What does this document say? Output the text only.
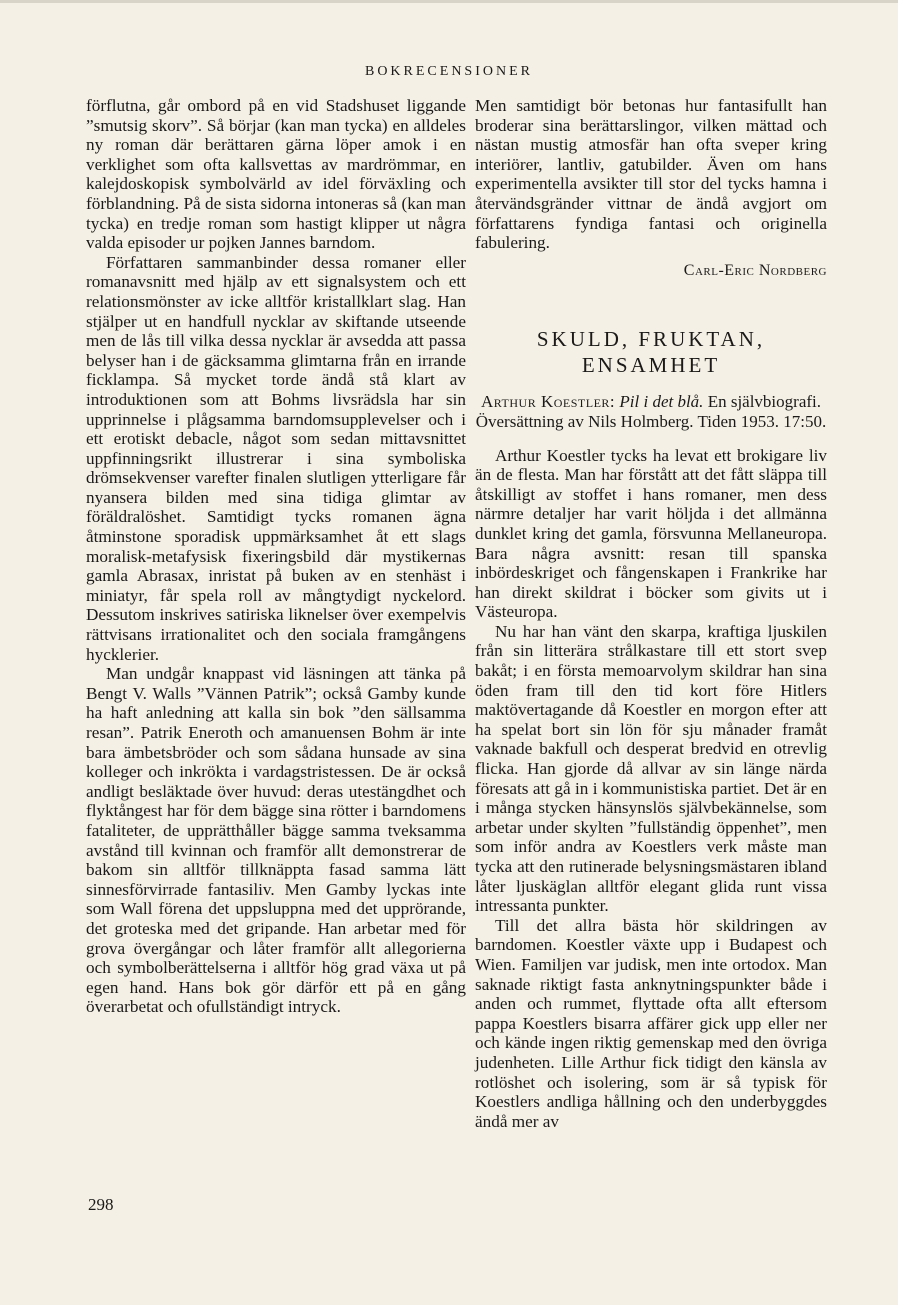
BOKRECENSIONER

förflutna, går ombord på en vid Stadshuset liggande ”smutsig skorv”. Så börjar (kan man tycka) en alldeles ny roman där berättaren gärna löper amok i en verklighet som ofta kallsvettas av mardrömmar, en kalejdoskopisk symbolvärld av idel förväxling och förblandning. På de sista sidorna intoneras så (kan man tycka) en tredje roman som hastigt klipper ut några valda episoder ur pojken Jannes barndom.

Författaren sammanbinder dessa romaner eller romanavsnitt med hjälp av ett signalsystem och ett relationsmönster av icke alltför kristallklart slag. Han stjälper ut en handfull nycklar av skiftande utseende men de lås till vilka dessa nycklar är avsedda att passa belyser han i de gäcksamma glimtarna från en irrande ficklampa. Så mycket torde ändå stå klart av introduktionen som att Bohms livsrädsla har sin upprinnelse i plågsamma barndomsupplevelser och i ett erotiskt debacle, något som sedan mittavsnittet uppfinningsrikt illustrerar i sina symboliska drömsekvenser varefter finalen slutligen ytterligare får nyansera bilden med sina tidiga glimtar av föräldralöshet. Samtidigt tycks romanen ägna åtminstone sporadisk uppmärksamhet åt ett slags moralisk-metafysisk fixeringsbild där mystikernas gamla Abrasax, inristat på buken av en stenhäst i miniatyr, får spela roll av mångtydigt nyckelord. Dessutom inskrives satiriska liknelser över exempelvis rättvisans irrationalitet och den sociala framgångens hycklerier.

Man undgår knappast vid läsningen att tänka på Bengt V. Walls ”Vännen Patrik”; också Gamby kunde ha haft anledning att kalla sin bok ”den sällsamma resan”. Patrik Eneroth och amanuensen Bohm är inte bara ämbetsbröder och som sådana hunsade av sina kolleger och inkrökta i vardagstristessen. De är också andligt besläktade över huvud: deras utestängdhet och flyktångest har för dem bägge sina rötter i barndomens fataliteter, de upprätthåller bägge samma tveksamma avstånd till kvinnan och framför allt demonstrerar de bakom sin alltför tillknäppta fasad samma lätt sinnesförvirrade fantasiliv. Men Gamby lyckas inte som Wall förena det uppsluppna med det upprörande, det groteska med det gripande. Han arbetar med för grova övergångar och låter framför allt allegorierna och symbolberättelserna i alltför hög grad växa ut på egen hand. Hans bok gör därför ett på en gång överarbetat och ofullständigt intryck.

Men samtidigt bör betonas hur fantasifullt han broderar sina berättarslingor, vilken mättad och nästan mustig atmosfär han ofta sveper kring interiörer, lantliv, gatubilder. Även om hans experimentella avsikter till stor del tycks hamna i återvändsgränder vittnar de ändå avgjort om författarens fyndiga fantasi och originella fabulering.

Carl-Eric Nordberg
SKULD, FRUKTAN,
ENSAMHET
Arthur Koestler: Pil i det blå. En självbiografi. Översättning av Nils Holmberg. Tiden 1953. 17:50.

Arthur Koestler tycks ha levat ett brokigare liv än de flesta. Man har förstått att det fått släppa till åtskilligt av stoffet i hans romaner, men dess närmre detaljer har varit höljda i det allmänna dunklet kring det gamla, försvunna Mellaneuropa. Bara några avsnitt: resan till spanska inbördeskriget och fångenskapen i Frankrike har han direkt skildrat i böcker som givits ut i Västeuropa.

Nu har han vänt den skarpa, kraftiga ljuskilen från sin litterära strålkastare till ett stort svep bakåt; i en första memoarvolym skildrar han sina öden fram till den tid kort före Hitlers maktövertagande då Koestler en morgon efter att ha spelat bort sin lön för sju månader framåt vaknade bakfull och desperat bredvid en otrevlig flicka. Han gjorde då allvar av sin länge närda föresats att gå in i kommunistiska partiet. Det är en i många stycken hänsynslös självbekännelse, som arbetar under skylten ”fullständig öppenhet”, men som inför andra av Koestlers verk måste man tycka att den rutinerade belysningsmästaren ibland låter ljuskäglan alltför elegant glida runt vissa intressanta punkter.

Till det allra bästa hör skildringen av barndomen. Koestler växte upp i Budapest och Wien. Familjen var judisk, men inte ortodox. Man saknade riktigt fasta anknytningspunkter både i anden och rummet, flyttade ofta allt eftersom pappa Koestlers bisarra affärer gick upp eller ner och kände ingen riktig gemenskap med den övriga judenheten. Lille Arthur fick tidigt den känsla av rotlöshet och isolering, som är så typisk för Koestlers andliga hållning och den underbyggdes ändå mer av

298
